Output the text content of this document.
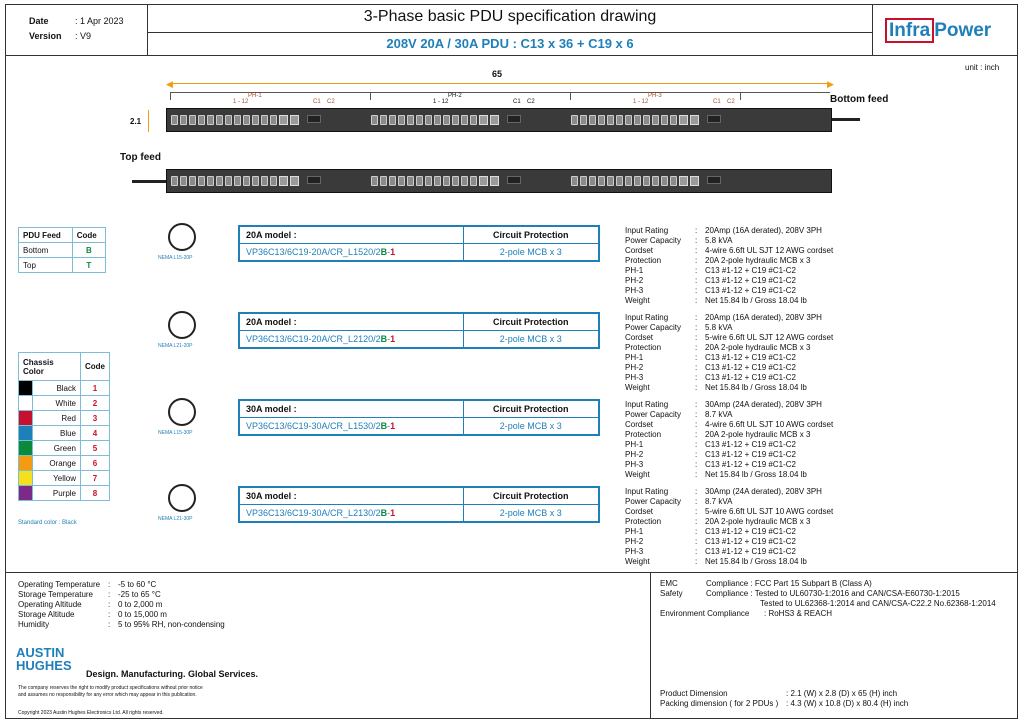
Date	: 1 Apr 2023
Version : V9
3-Phase basic PDU specification drawing
208V 20A / 30A PDU : C13 x 36 + C19 x 6
Infra Power
unit : inch
◀	▶
65
PH-1
1 - 12	C1 C2
PH-2
1 - 12	C1 C2
PH-3
1 - 12	C1 C2
2.1
Bottom feed
Top feed
PDU Feed	Code
Bottom	B
Top	T
Chassis Color		Code
	Black	1
	White	2
	Red	3
	Blue	4
	Green	5
	Orange	6
	Yellow	7
	Purple	8
Standard color : Black
NEMA L15-20P
20A model :	Circuit Protection
VP36C13/6C19-20A/CR_L1520/2B-1	2-pole MCB x 3
Input Rating	: 20Amp (16A derated), 208V 3PH
Power Capacity : 5.8 kVA
Cordset	: 4-wire 6.6ft UL SJT 12 AWG cordset
Protection	: 20A 2-pole hydraulic MCB x 3
PH-1	: C13 #1-12 + C19 #C1-C2
PH-2	: C13 #1-12 + C19 #C1-C2
PH-3	: C13 #1-12 + C19 #C1-C2
Weight	: Net 15.84 lb / Gross 18.04 lb
NEMA L21-20P
20A model :	Circuit Protection
VP36C13/6C19-20A/CR_L2120/2B-1	2-pole MCB x 3
Input Rating	: 20Amp (16A derated), 208V 3PH
Power Capacity : 5.8 kVA
Cordset	: 5-wire 6.6ft UL SJT 12 AWG cordset
Protection	: 20A 2-pole hydraulic MCB x 3
PH-1	: C13 #1-12 + C19 #C1-C2
PH-2	: C13 #1-12 + C19 #C1-C2
PH-3	: C13 #1-12 + C19 #C1-C2
Weight	: Net 15.84 lb / Gross 18.04 lb
NEMA L15-30P
30A model :	Circuit Protection
VP36C13/6C19-30A/CR_L1530/2B-1	2-pole MCB x 3
Input Rating	: 30Amp (24A derated), 208V 3PH
Power Capacity : 8.7 kVA
Cordset	: 4-wire 6.6ft UL SJT 10 AWG cordset
Protection	: 20A 2-pole hydraulic MCB x 3
PH-1	: C13 #1-12 + C19 #C1-C2
PH-2	: C13 #1-12 + C19 #C1-C2
PH-3	: C13 #1-12 + C19 #C1-C2
Weight	: Net 15.84 lb / Gross 18.04 lb
NEMA L21-30P
30A model :	Circuit Protection
VP36C13/6C19-30A/CR_L2130/2B-1	2-pole MCB x 3
Input Rating	: 30Amp (24A derated), 208V 3PH
Power Capacity : 8.7 kVA
Cordset	: 5-wire 6.6ft UL SJT 10 AWG cordset
Protection	: 20A 2-pole hydraulic MCB x 3
PH-1	: C13 #1-12 + C19 #C1-C2
PH-2	: C13 #1-12 + C19 #C1-C2
PH-3	: C13 #1-12 + C19 #C1-C2
Weight	: Net 15.84 lb / Gross 18.04 lb
Operating Temperature : -5 to 60 °C
Storage Temperature : -25 to 65 °C
Operating Altitude	: 0 to 2,000 m
Storage Altitude	: 0 to 15,000 m
Humidity	: 5 to 95% RH, non-condensing
AUSTIN
HUGHES
Design. Manufacturing. Global Services.
The company reserves the right to modify product specifications without prior notice
and assumes no responsibility for any error which may appear in this publication.
Copyright 2023 Austin Hughes Electronics Ltd. All rights reserved.
EMC	Compliance : FCC Part 15 Subpart B (Class A)
Safety	Compliance : Tested to UL60730-1:2016 and CAN/CSA-E60730-1:2015
Tested to UL62368-1:2014 and CAN/CSA-C22.2 No.62368-1:2014
Environment Compliance : RoHS3 & REACH
Product Dimension	: 2.1 (W) x 2.8 (D) x 65 (H) inch
Packing dimension ( for 2 PDUs ) : 4.3 (W) x 10.8 (D) x 80.4 (H) inch
